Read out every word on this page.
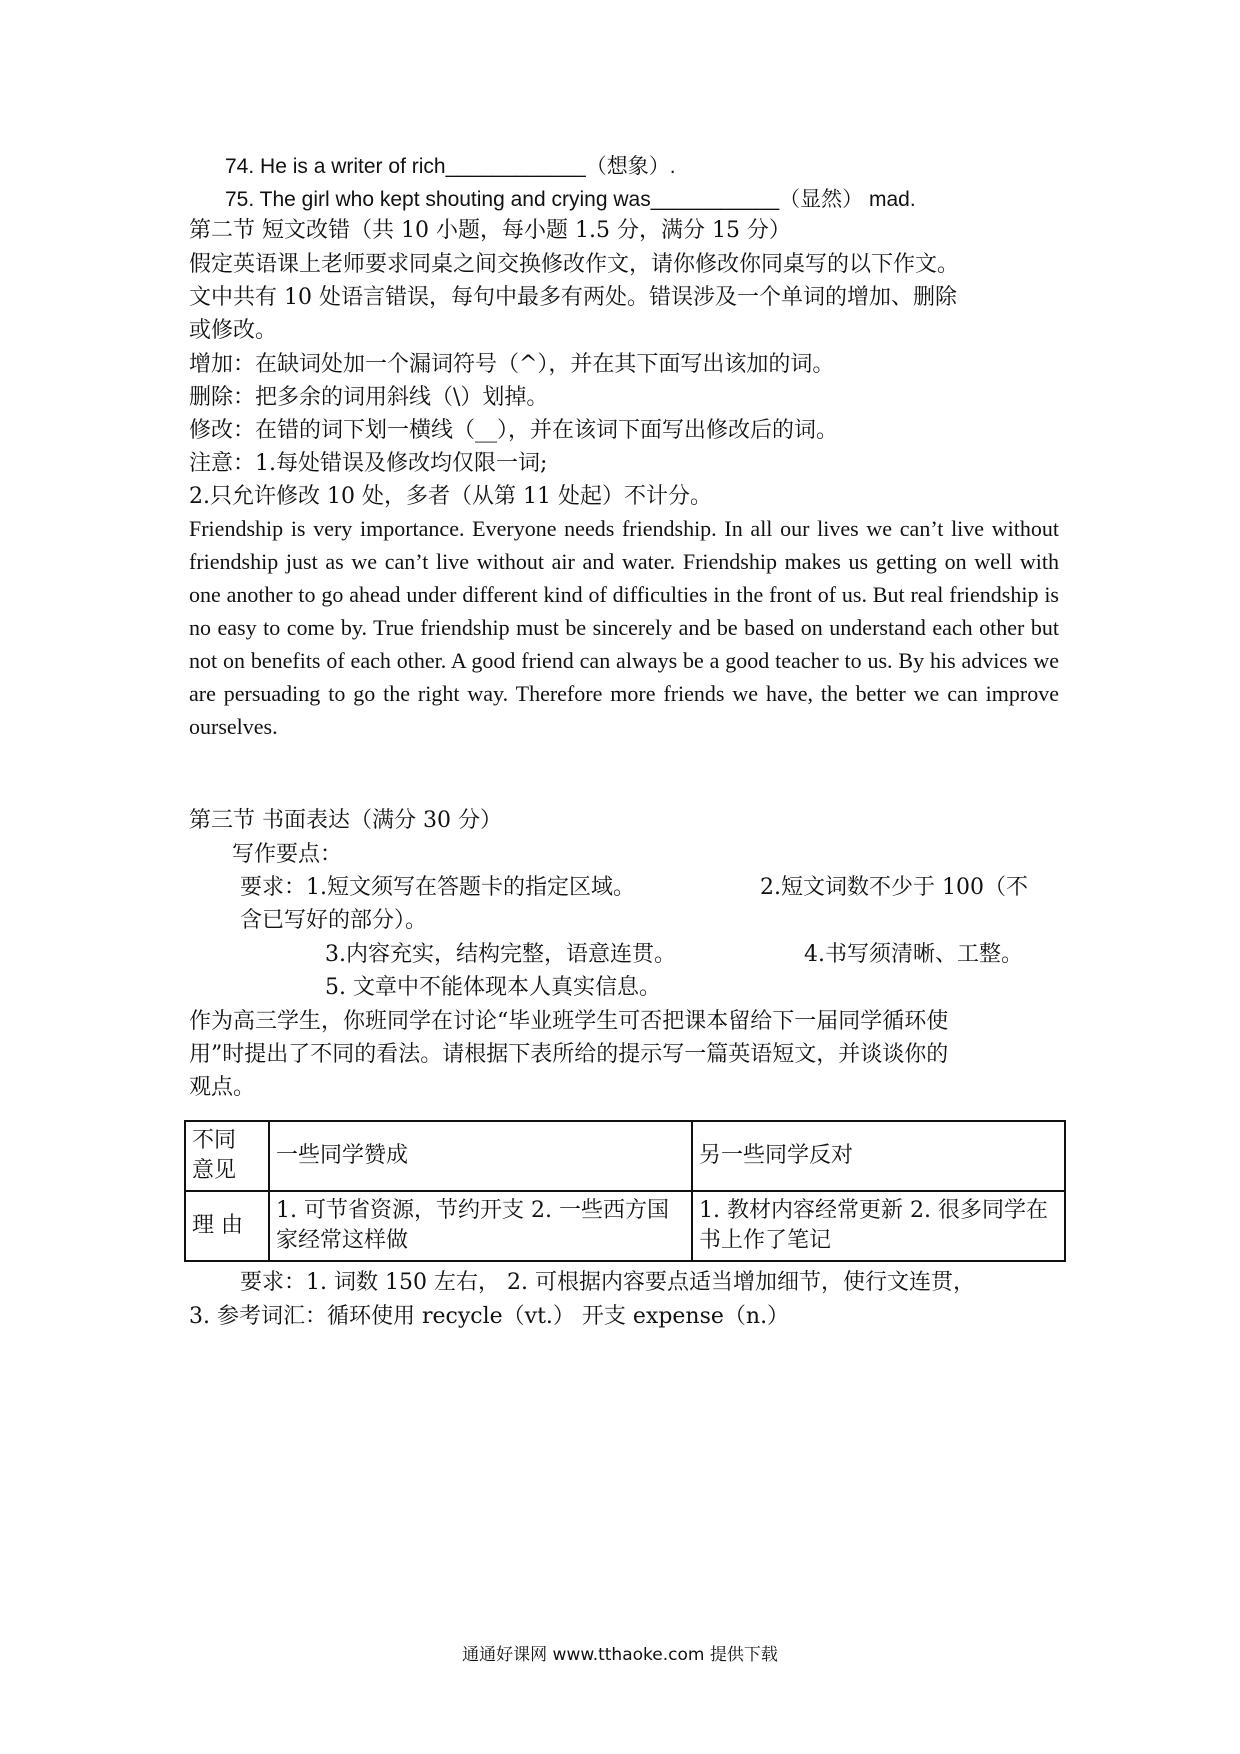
74. He is a writer of rich____________（想象）.
75. The girl who kept shouting and crying was___________（显然） mad.
第二节 短文改错（共 10 小题，每小题 1.5 分，满分 15 分）
假定英语课上老师要求同桌之间交换修改作文，请你修改你同桌写的以下作文。
文中共有 10 处语言错误，每句中最多有两处。错误涉及一个单词的增加、删除
或修改。
增加：在缺词处加一个漏词符号（^），并在其下面写出该加的词。
删除：把多余的词用斜线（\）划掉。
修改：在错的词下划一横线（__），并在该词下面写出修改后的词。
注意：1.每处错误及修改均仅限一词;
2.只允许修改 10 处，多者（从第 11 处起）不计分。
Friendship is very importance. Everyone needs friendship. In all our lives we can’t live without friendship just as we can’t live without air and water. Friendship makes us getting on well with one another to go ahead under different kind of difficulties in the front of us. But real friendship is no easy to come by. True friendship must be sincerely and be based on understand each other but not on benefits of each other. A good friend can always be a good teacher to us. By his advices we are persuading to go the right way. Therefore more friends we have, the better we can improve ourselves.
第三节 书面表达（满分 30 分）
写作要点：
要求：1.短文须写在答题卡的指定区域。	2.短文词数不少于 100（不
含已写好的部分）。
3.内容充实，结构完整，语意连贯。	4.书写须清晰、工整。
5. 文章中不能体现本人真实信息。
作为高三学生，你班同学在讨论“毕业班学生可否把课本留给下一届同学循环使
用”时提出了不同的看法。请根据下表所给的提示写一篇英语短文，并谈谈你的
观点。
不同意见	一些同学赞成	另一些同学反对
理 由	1. 可节省资源，节约开支 2. 一些西方国家经常这样做	1. 教材内容经常更新 2. 很多同学在书上作了笔记
要求：1. 词数 150 左右， 2. 可根据内容要点适当增加细节，使行文连贯，
3. 参考词汇：循环使用 recycle（vt.） 开支 expense（n.）
通通好课网 www.tthaoke.com 提供下载
